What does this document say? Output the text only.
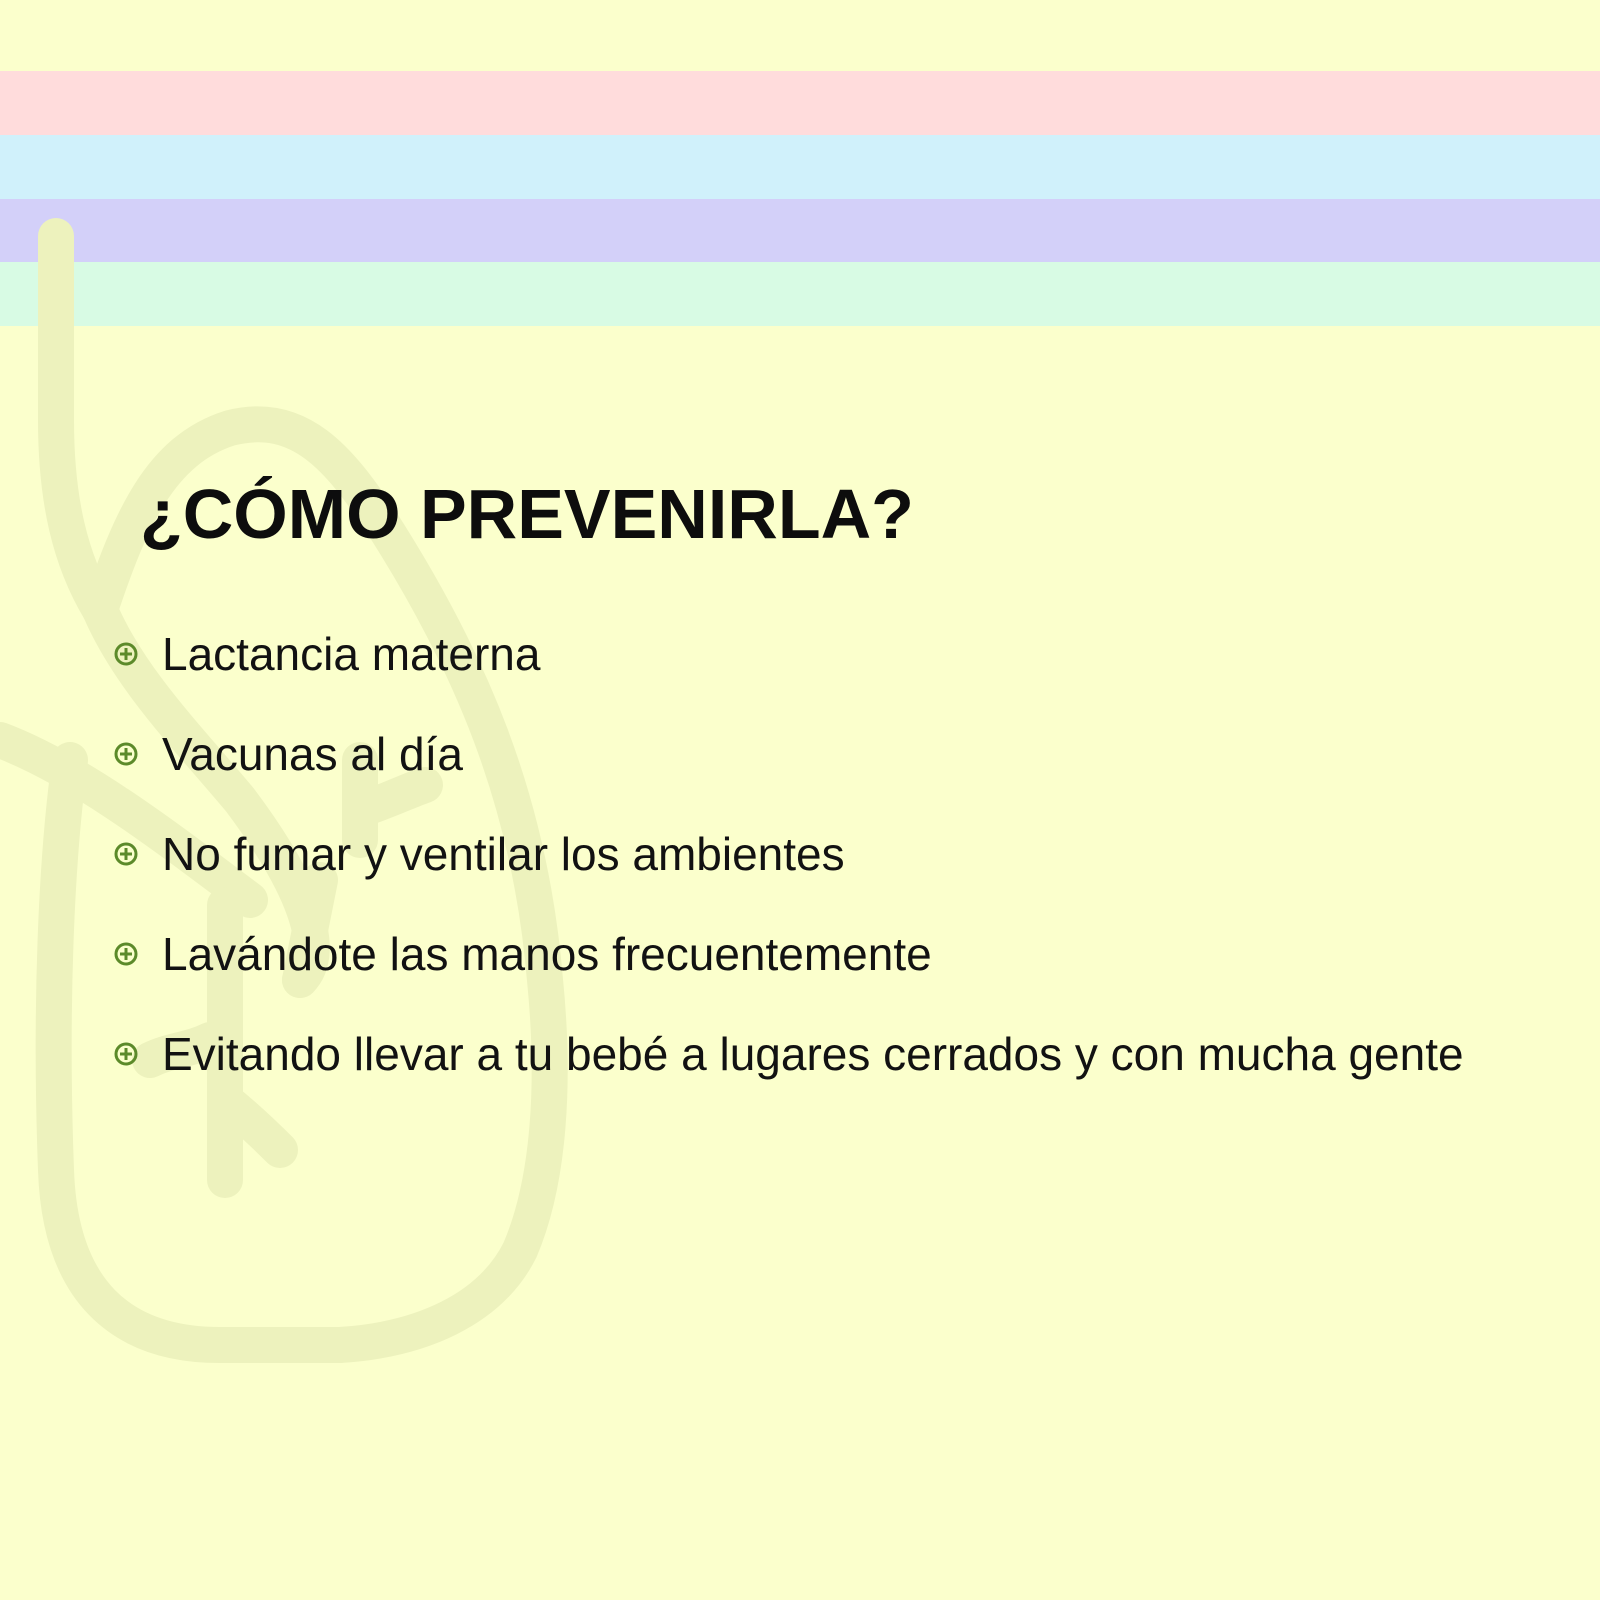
¿CÓMO PREVENIRLA?
Lactancia materna
Vacunas al día
No fumar y ventilar los ambientes
Lavándote las manos frecuentemente
Evitando llevar a tu bebé a lugares cerrados y con mucha gente
